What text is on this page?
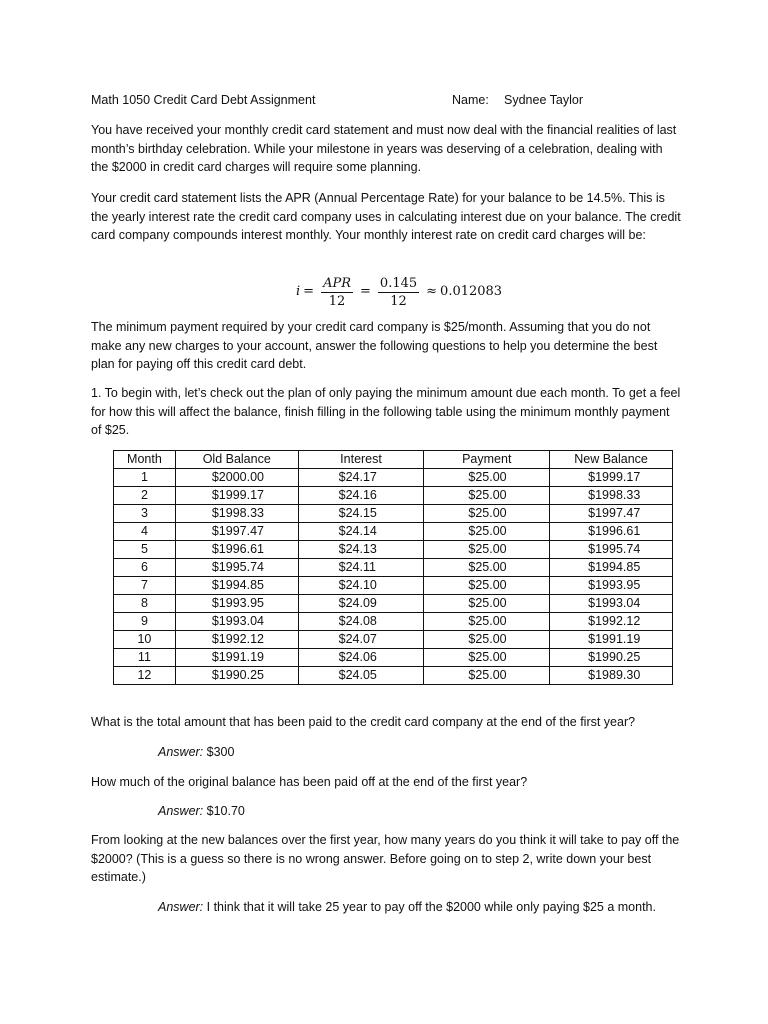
Math 1050 Credit Card Debt Assignment	Name: Sydnee Taylor

You have received your monthly credit card statement and must now deal with the financial realities of last month’s birthday celebration. While your milestone in years was deserving of a celebration, dealing with the $2000 in credit card charges will require some planning.

Your credit card statement lists the APR (Annual Percentage Rate) for your balance to be 14.5%. This is the yearly interest rate the credit card company uses in calculating interest due on your balance. The credit card company compounds interest monthly. Your monthly interest rate on credit card charges will be:

$i = \frac{\text{APR}}{12} = \frac{0.145}{12} \approx 0.012083$

The minimum payment required by your credit card company is $25/month. Assuming that you do not make any new charges to your account, answer the following questions to help you determine the best plan for paying off this credit card debt.

1. To begin with, let’s check out the plan of only paying the minimum amount due each month. To get a feel for how this will affect the balance, finish filling in the following table using the minimum monthly payment of $25.

Month	Old Balance	Interest	Payment	New Balance
1	$2000.00	$24.17	$25.00	$1999.17
2	$1999.17	$24.16	$25.00	$1998.33
3	$1998.33	$24.15	$25.00	$1997.47
4	$1997.47	$24.14	$25.00	$1996.61
5	$1996.61	$24.13	$25.00	$1995.74
6	$1995.74	$24.11	$25.00	$1994.85
7	$1994.85	$24.10	$25.00	$1993.95
8	$1993.95	$24.09	$25.00	$1993.04
9	$1993.04	$24.08	$25.00	$1992.12
10	$1992.12	$24.07	$25.00	$1991.19
11	$1991.19	$24.06	$25.00	$1990.25
12	$1990.25	$24.05	$25.00	$1989.30

What is the total amount that has been paid to the credit card company at the end of the first year?

Answer: $300

How much of the original balance has been paid off at the end of the first year?

Answer: $10.70

From looking at the new balances over the first year, how many years do you think it will take to pay off the $2000? (This is a guess so there is no wrong answer. Before going on to step 2, write down your best estimate.)

Answer: I think that it will take 25 year to pay off the $2000 while only paying $25 a month.
